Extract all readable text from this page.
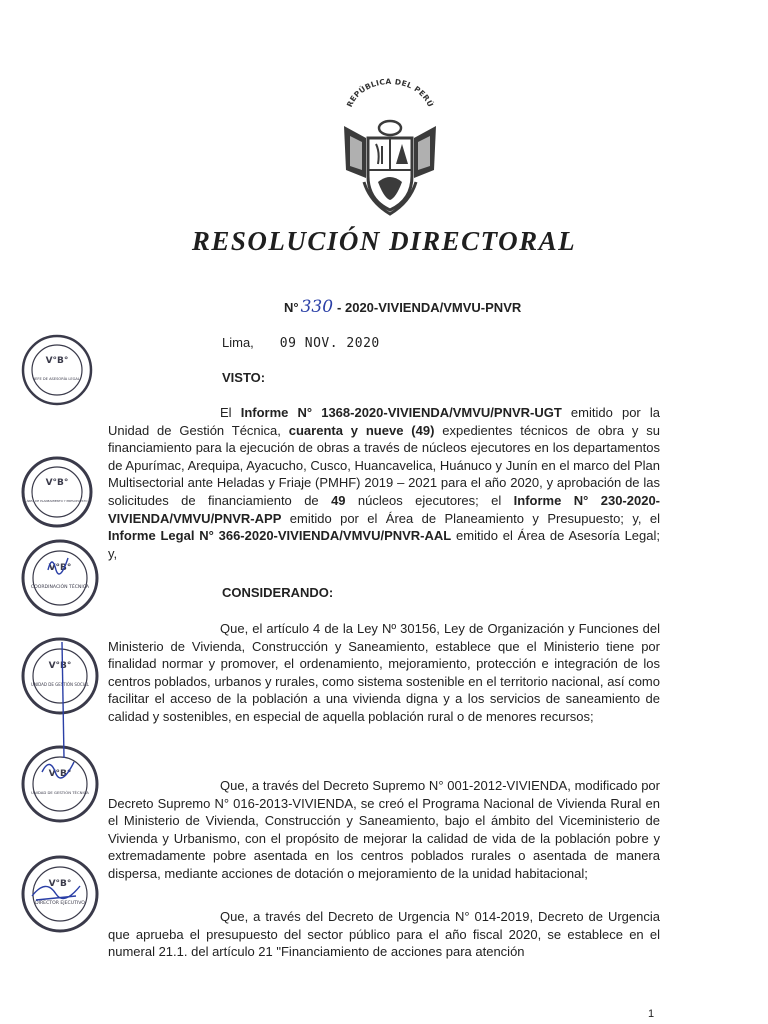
REPÚBLICA DEL PERÚ
RESOLUCIÓN DIRECTORAL
N° 330 - 2020-VIVIENDA/VMVU-PNVR
Lima, 09 NOV. 2020
VISTO:
El Informe N° 1368-2020-VIVIENDA/VMVU/PNVR-UGT emitido por la Unidad de Gestión Técnica, cuarenta y nueve (49) expedientes técnicos de obra y su financiamiento para la ejecución de obras a través de núcleos ejecutores en los departamentos de Apurímac, Arequipa, Ayacucho, Cusco, Huancavelica, Huánuco y Junín en el marco del Plan Multisectorial ante Heladas y Friaje (PMHF) 2019 – 2021 para el año 2020, y aprobación de las solicitudes de financiamiento de 49 núcleos ejecutores; el Informe N° 230-2020-VIVIENDA/VMVU/PNVR-APP emitido por el Área de Planeamiento y Presupuesto; y, el Informe Legal N° 366-2020-VIVIENDA/VMVU/PNVR-AAL emitido el Área de Asesoría Legal; y,
CONSIDERANDO:
Que, el artículo 4 de la Ley Nº 30156, Ley de Organización y Funciones del Ministerio de Vivienda, Construcción y Saneamiento, establece que el Ministerio tiene por finalidad normar y promover, el ordenamiento, mejoramiento, protección e integración de los centros poblados, urbanos y rurales, como sistema sostenible en el territorio nacional, así como facilitar el acceso de la población a una vivienda digna y a los servicios de saneamiento de calidad y sostenibles, en especial de aquella población rural o de menores recursos;
Que, a través del Decreto Supremo N° 001-2012-VIVIENDA, modificado por Decreto Supremo N° 016-2013-VIVIENDA, se creó el Programa Nacional de Vivienda Rural en el Ministerio de Vivienda, Construcción y Saneamiento, bajo el ámbito del Viceministerio de Vivienda y Urbanismo, con el propósito de mejorar la calidad de vida de la población pobre y extremadamente pobre asentada en los centros poblados rurales o asentada de manera dispersa, mediante acciones de dotación o mejoramiento de la unidad habitacional;
Que, a través del Decreto de Urgencia N° 014-2019, Decreto de Urgencia que aprueba el presupuesto del sector público para el año fiscal 2020, se establece en el numeral 21.1. del artículo 21 "Financiamiento de acciones para atención
V°B°
JEFE DE ASESORÍA LEGAL
V°B°
ÁREA DE PLANEAMIENTO Y PRESUPUESTO
V°B°
COORDINACIÓN TÉCNICA
V°B°
UNIDAD DE GESTIÓN SOCIAL
V°B°
UNIDAD DE GESTIÓN TÉCNICA
V°B°
DIRECTOR EJECUTIVO
1
